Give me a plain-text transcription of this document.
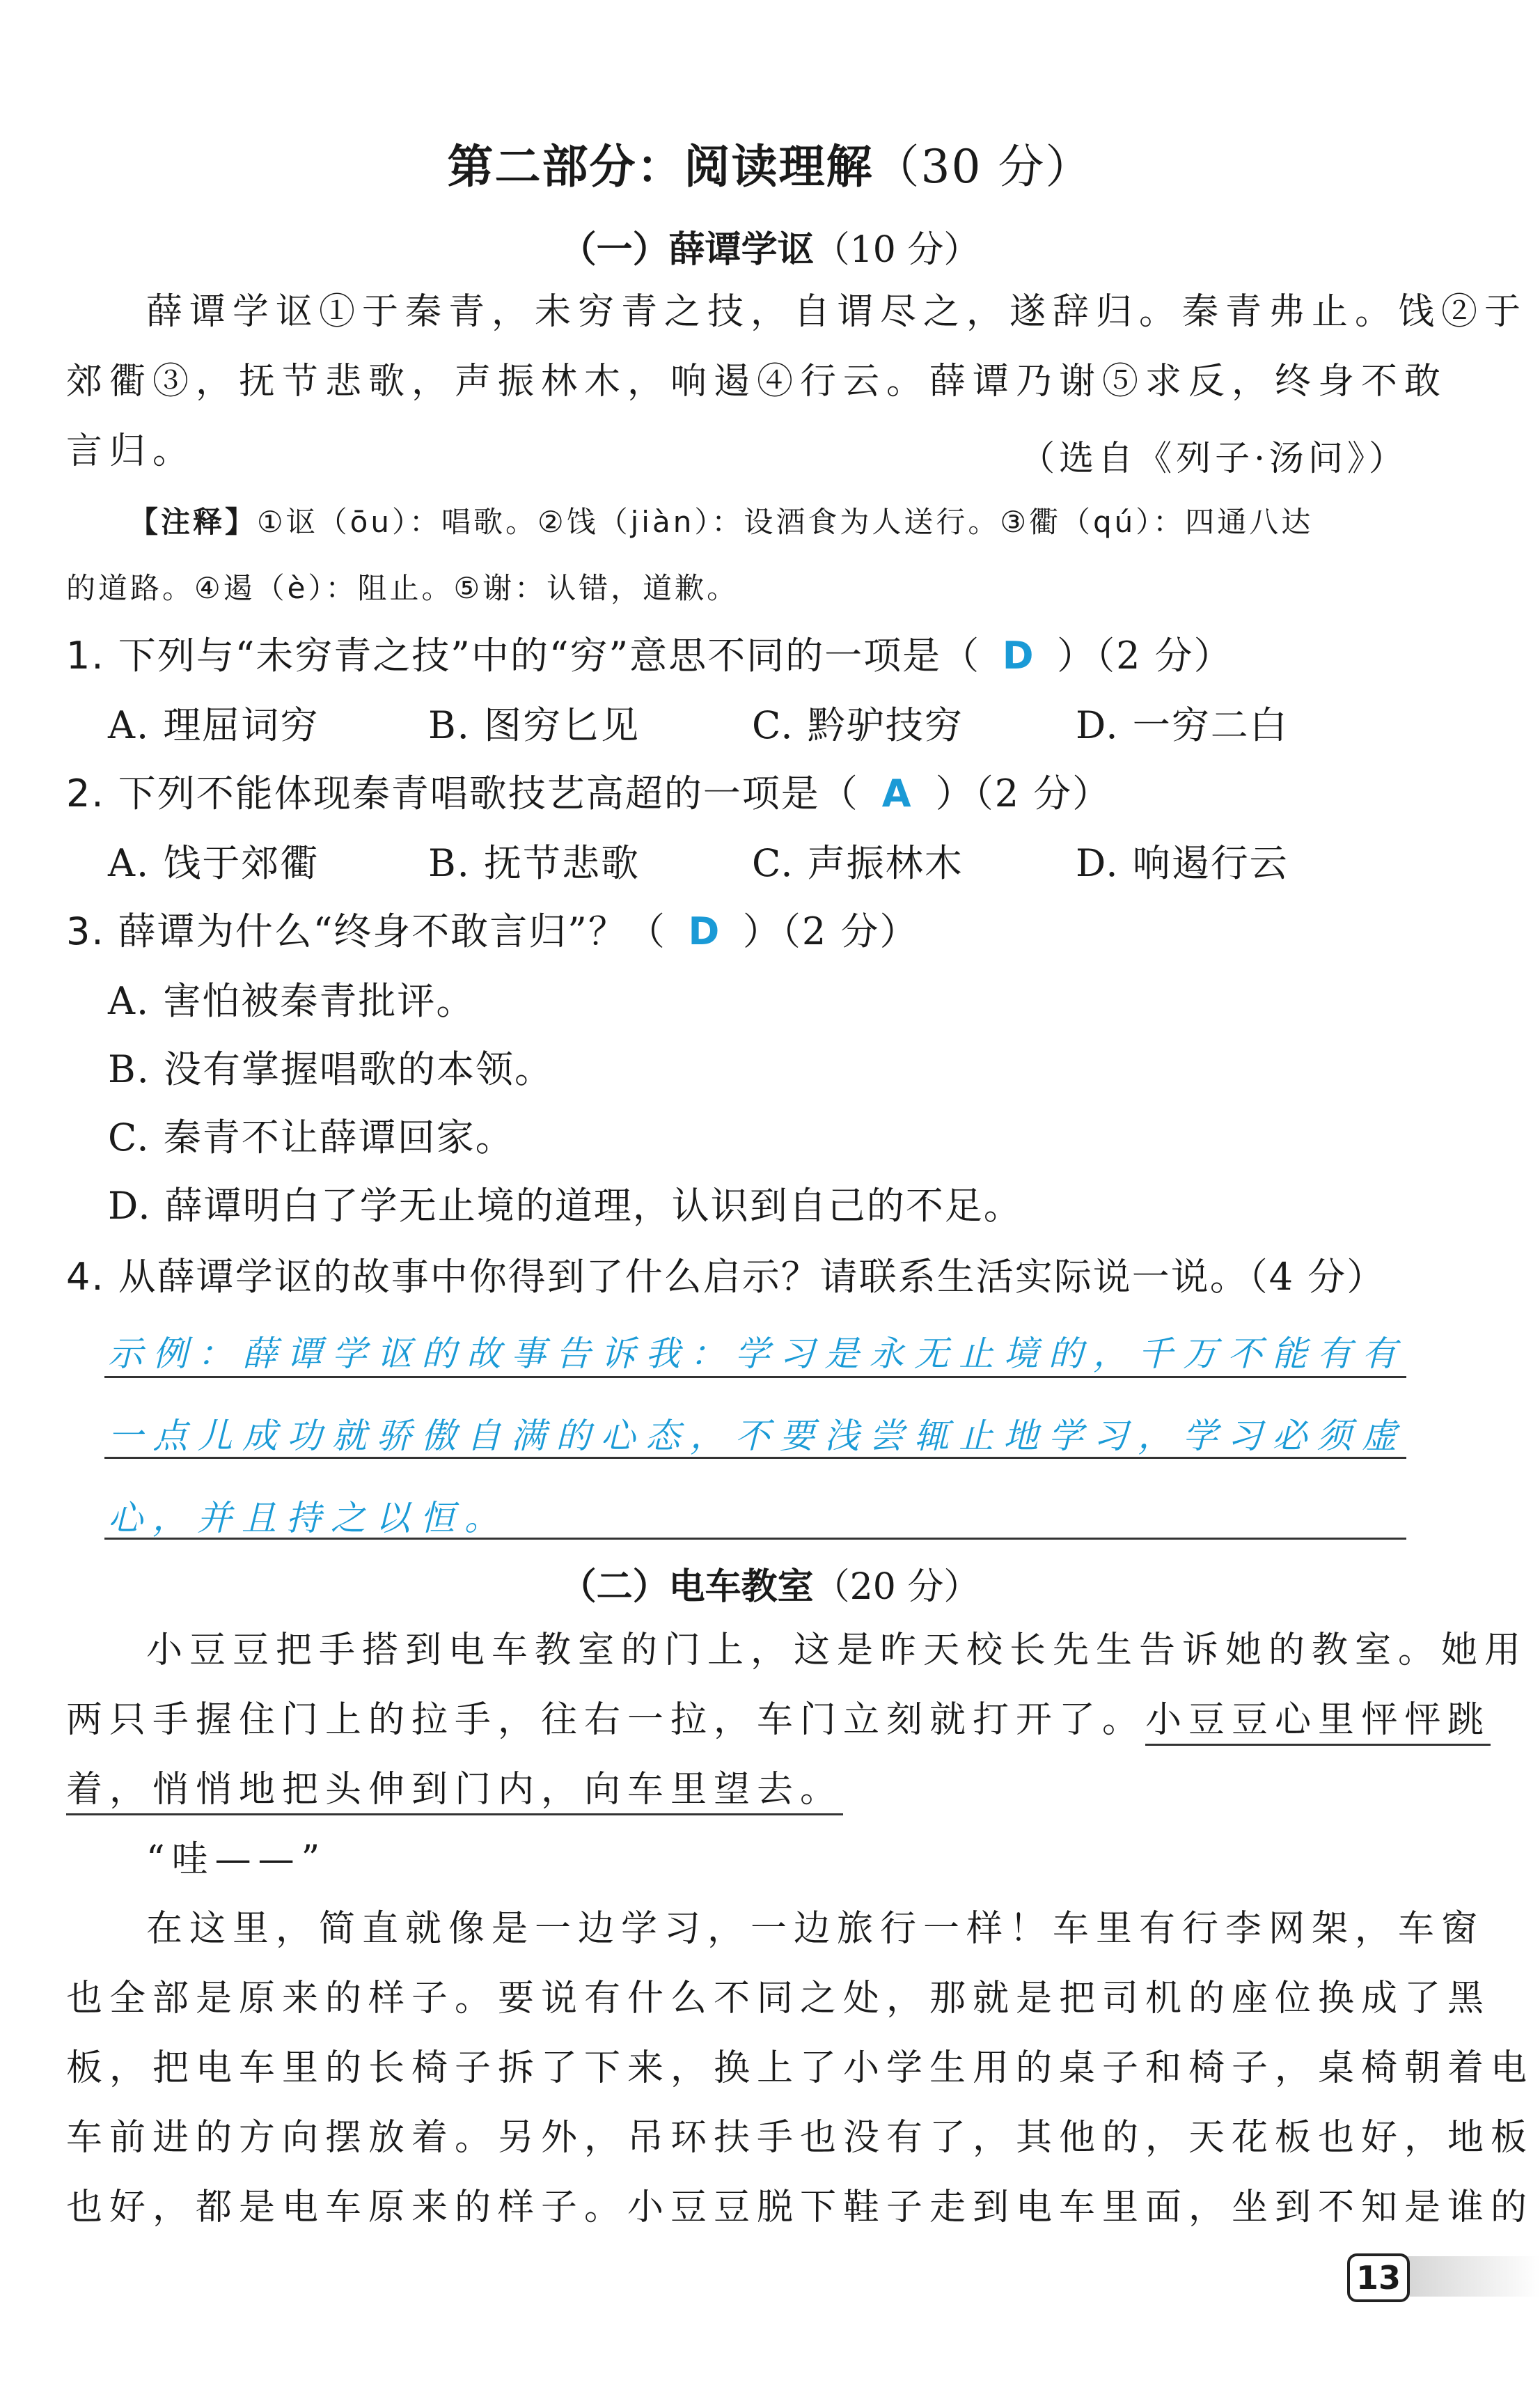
第二部分：阅读理解（30 分）
（一）薛谭学讴（10 分）
薛谭学讴①于秦青，未穷青之技，自谓尽之，遂辞归。秦青弗止。饯②于
郊衢③，抚节悲歌，声振林木，响遏④行云。薛谭乃谢⑤求反，终身不敢
言归。	（选自《列子·汤问》）
【注释】①讴（ōu）：唱歌。②饯（jiàn）：设酒食为人送行。③衢（qú）：四通八达
的道路。④遏（è）：阻止。⑤谢：认错，道歉。
1. 下列与“未穷青之技”中的“穷”意思不同的一项是（ D ）（2 分）
A. 理屈词穷	B. 图穷匕见	C. 黔驴技穷	D. 一穷二白
2. 下列不能体现秦青唱歌技艺高超的一项是（ A ）（2 分）
A. 饯于郊衢	B. 抚节悲歌	C. 声振林木	D. 响遏行云
3. 薛谭为什么“终身不敢言归”？（ D ）（2 分）
A. 害怕被秦青批评。
B. 没有掌握唱歌的本领。
C. 秦青不让薛谭回家。
D. 薛谭明白了学无止境的道理，认识到自己的不足。
4. 从薛谭学讴的故事中你得到了什么启示？请联系生活实际说一说。（4 分）
示例：薛谭学讴的故事告诉我：学习是永无止境的，千万不能有有
一点儿成功就骄傲自满的心态，不要浅尝辄止地学习，学习必须虚
心，并且持之以恒。
（二）电车教室（20 分）
小豆豆把手搭到电车教室的门上，这是昨天校长先生告诉她的教室。她用
两只手握住门上的拉手，往右一拉，车门立刻就打开了。小豆豆心里怦怦跳
着，悄悄地把头伸到门内，向车里望去。
“哇——”
在这里，简直就像是一边学习，一边旅行一样！车里有行李网架，车窗
也全部是原来的样子。要说有什么不同之处，那就是把司机的座位换成了黑
板，把电车里的长椅子拆了下来，换上了小学生用的桌子和椅子，桌椅朝着电
车前进的方向摆放着。另外，吊环扶手也没有了，其他的，天花板也好，地板
也好，都是电车原来的样子。小豆豆脱下鞋子走到电车里面，坐到不知是谁的
13
